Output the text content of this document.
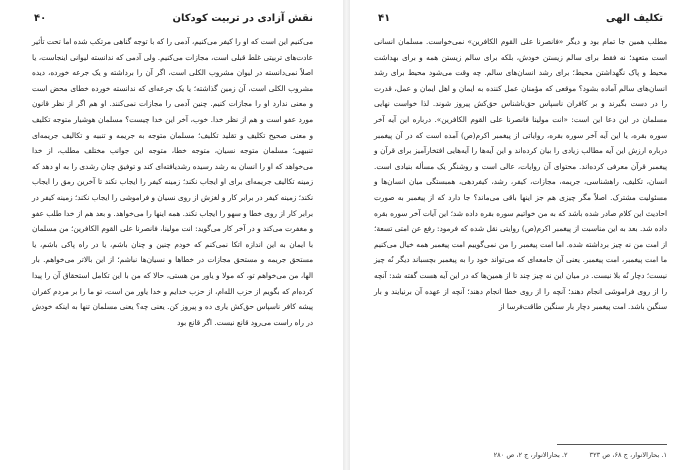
نقش آزادی در تربیت کودکان
۴۰

می‌کنیم این است که او را کیفر می‌کنیم، آدمی را که با توجه گناهی مرتکب شده اما تحت تأثیر عادت‌های تربیتی غلط قبلی است، مجازات می‌کنیم. ولی آدمی که ندانسته لیوانی اینجاست، یا اصلاً نمی‌دانسته در لیوان مشروب الکلی است، اگر آن را برداشته و یک جرعه خورده، دیده مشروب الکلی است، آن زمین گذاشته؛ یا یک جرعه‌ای که ندانسته خورده خطای محض است و معنی ندارد او را مجازات کنیم. چنین آدمی را مجازات نمی‌کنند. او هم اگر از نظر قانون مورد عفو است و هم از نظر خدا. خوب، آخر این خدا چیست؟ مسلمان هوشیار متوجه تکلیف و معنی صحیح تکلیف و تقلید تکلیف؛ مسلمان متوجه به جریمه و تنبیه و تکالیف جریمه‌ای تنبیهی؛ مسلمان متوجه نسیان، متوجه خطا، متوجه این جوانب مختلف مطلب، از خدا می‌خواهد که او را انسان به رشد رسیده رشدیافته‌ای کند و توفیق چنان رشدی را به او دهد که زمینه تکالیف جریمه‌ای برای او ایجاب نکند؛ زمینه کیفر را ایجاب نکند تا آخرین رمق را ایجاب نکند؛ زمینه کیفر در برابر کار و لغزش از روی نسیان و فراموشی را ایجاب نکند؛ زمینه کیفر در برابر کار از روی خطا و سهو را ایجاب نکند. همه اینها را می‌خواهد. و بعد هم از خدا طلب عفو و مغفرت می‌کند و در آخر کار می‌گوید: انت مولینا، فانصرنا علی القوم الکافرین؛ من مسلمان با ایمان به این اندازه اتکا نمی‌کنم که خودم چنین و چنان باشم، یا در راه پاکی باشم، یا مستحق جریمه و مستحق مجازات در خطاها و نسیان‌ها نباشم؛ از این بالاتر می‌خواهم. بار الها، من می‌خواهم تو، که مولا و یاور من هستی، حالا که من با این تکامل استحقاق آن را پیدا کرده‌ام که بگویم از حزب الله‌ام، از حزب خدایم و خدا یاور من است، تو ما را بر مردم کفران پیشه کافر ناسپاس حق‌کش یاری ده و پیروز کن. یعنی چه؟ یعنی مسلمان تنها به اینکه خودش در راه راست می‌رود قانع نیست. اگر قانع بود

تکلیف الهی
۴۱

مطلب همین جا تمام بود و دیگر «فانصرنا علی القوم الکافرین» نمی‌خواست. مسلمان انسانی است متعهد؛ نه فقط برای سالم زیستن خودش، بلکه برای سالم زیستن همه و برای بهداشت محیط و پاک نگهداشتن محیط؛ برای رشد انسان‌های سالم. چه وقت می‌شود محیط برای رشد انسان‌های سالم آماده بشود؟ موقعی که مؤمنان عمل کننده به ایمان و اهل ایمان و عمل، قدرت را در دست بگیرند و بر کافران ناسپاس حق‌ناشناس حق‌کش پیروز شوند. لذا خواست نهایی مسلمان در این دعا این است: «انت مولینا فانصرنا علی القوم الکافرین». درباره این آیه آخر سوره بقره، یا این آیه آخر سوره بقره، روایاتی از پیغمبر اکرم(ص) آمده است که در آن پیغمبر درباره ارزش این آیه مطالب زیادی را بیان کرده‌اند و این آیه‌ها را آیه‌هایی افتخارآمیز برای قرآن و پیغمبر قرآن معرفی کرده‌اند. محتوای آن روایات، عالی است و روشنگر یک مسأله بنیادی است. انسان، تکلیف، راهشناسی، جریمه، مجازات، کیفر، رشد، کیفردهی، همبستگی میان انسان‌ها و مسئولیت مشترک. اصلاً مگر چیزی هم جز اینها باقی می‌ماند؟ جا دارد که از پیغمبر به صورت احادیث این کلام صادر شده باشد که به من خواتیم سوره بقره داده شد؛ این آیات آخر سوره بقره داده شد. بعد به این مناسبت از پیغمبر اکرم(ص) روایتی نقل شده که فرمود: رفع عن امتی تسعة؛ از امت من نه چیز برداشته شده. اما امت پیغمبر را من نمی‌گوییم امت پیغمبر همه خیال می‌کنیم ما امت پیغمبر، امت پیغمبر. یعنی آن جامعه‌ای که می‌تواند خود را به پیغمبر بچسباند دیگر نُه چیز نیست؛ دچار نُه بلا نیست. در میان این نه چیز چند تا از همین‌ها که در این آیه هست گفته شد: آنچه را از روی فراموشی انجام دهند؛ آنچه را از روی خطا انجام دهند؛ آنچه از عهده آن برنیایند و بار سنگین باشد. امت پیغمبر دچار بار سنگین طاقت‌فرسا از

۱. بحارالانوار، ج ۶۸، ص ۳۲۳
۲. بحارالانوار، ج ۲، ص ۲۸۰
